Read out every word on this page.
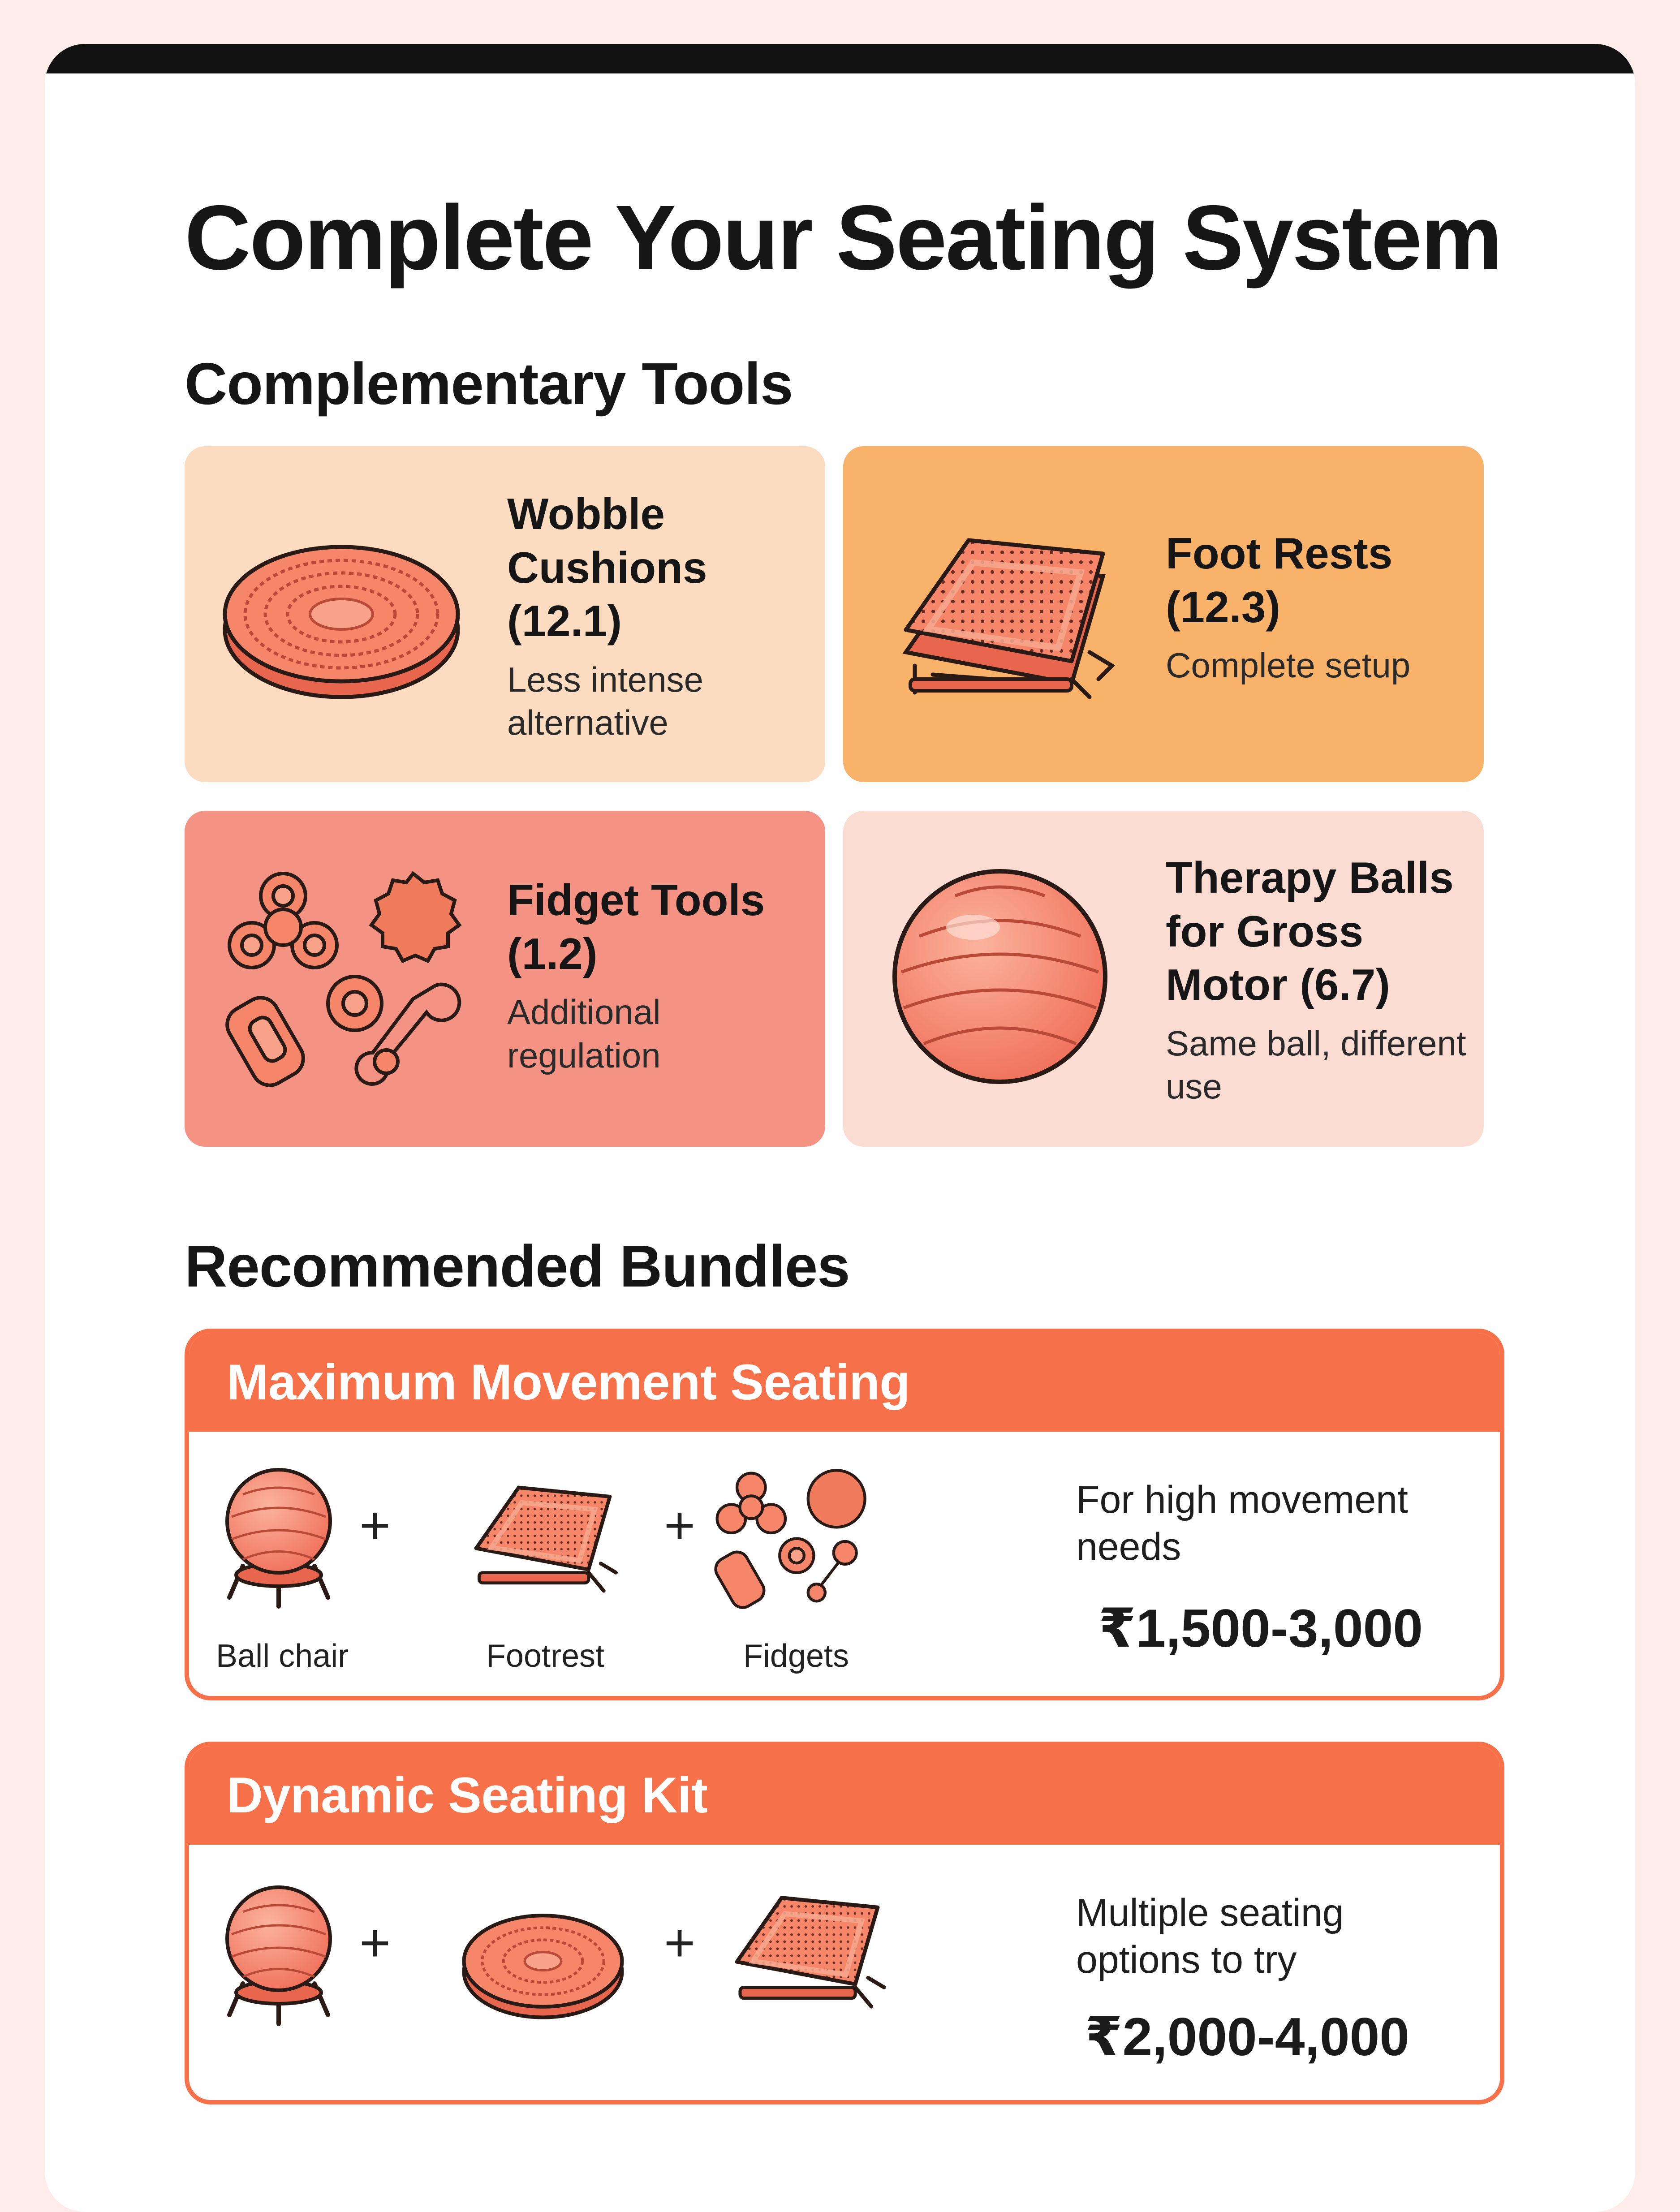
Complete Your Seating System
Complementary Tools

Wobble Cushions (12.1)

Less intense alternative

Foot Rests (12.3)

Complete setup

Fidget Tools (1.2)

Additional regulation

Therapy Balls for Gross Motor (6.7)

Same ball, different use

Recommended Bundles
Maximum Movement Seating
Ball chair
+
Footrest
+
Fidgets
For high movement needs
₹1,500-3,000
Dynamic Seating Kit
+	+	Multiple seating options to try
₹2,000-4,000
